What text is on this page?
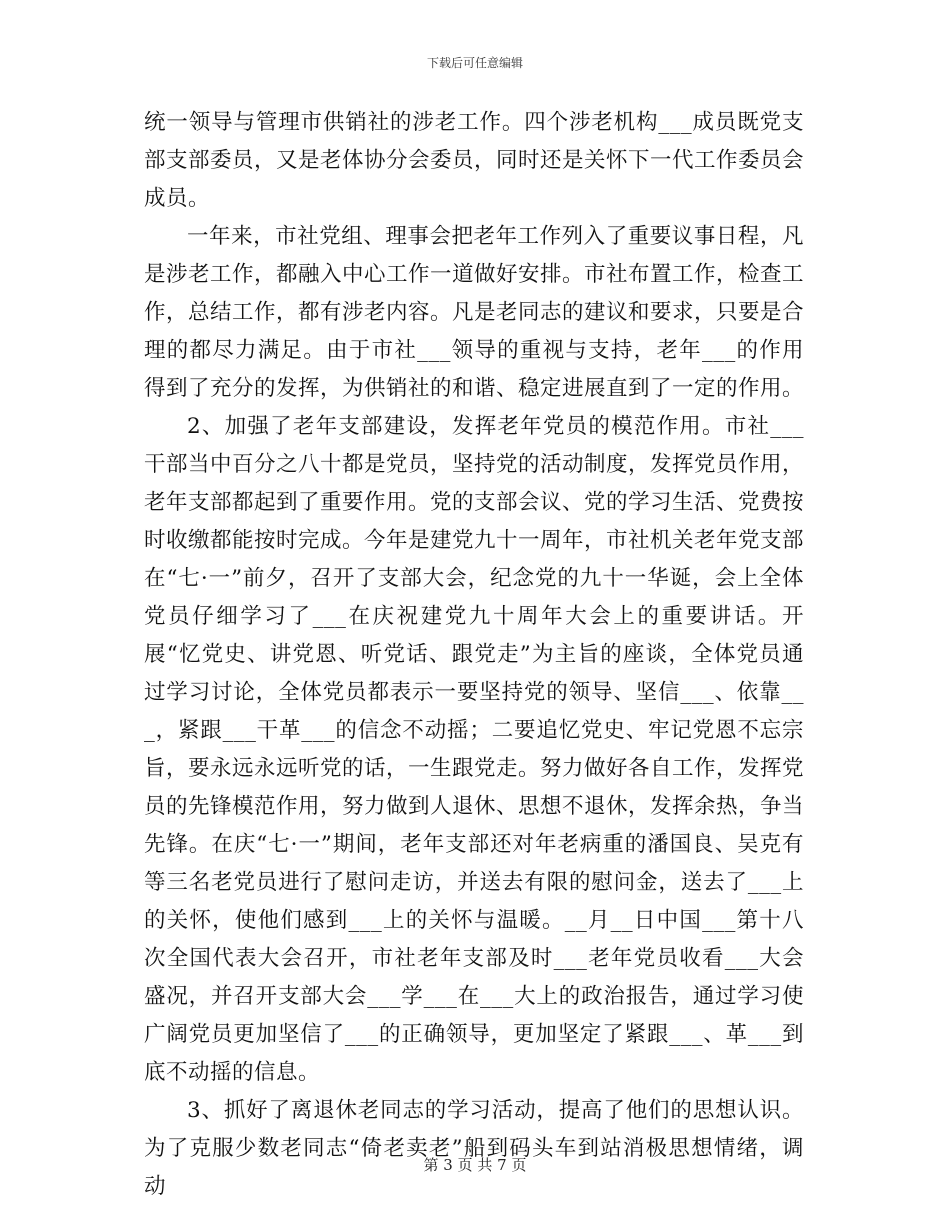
下载后可任意编辑

统一领导与管理市供销社的涉老工作。四个涉老机构___成员既党支部支部委员，又是老体协分会委员，同时还是关怀下一代工作委员会成员。

一年来，市社党组、理事会把老年工作列入了重要议事日程，凡是涉老工作，都融入中心工作一道做好安排。市社布置工作，检查工作，总结工作，都有涉老内容。凡是老同志的建议和要求，只要是合理的都尽力满足。由于市社___领导的重视与支持，老年___的作用得到了充分的发挥，为供销社的和谐、稳定进展直到了一定的作用。

2、加强了老年支部建设，发挥老年党员的模范作用。市社___干部当中百分之八十都是党员，坚持党的活动制度，发挥党员作用，老年支部都起到了重要作用。党的支部会议、党的学习生活、党费按时收缴都能按时完成。今年是建党九十一周年，市社机关老年党支部在“七·一”前夕，召开了支部大会，纪念党的九十一华诞，会上全体党员仔细学习了___在庆祝建党九十周年大会上的重要讲话。开展“忆党史、讲党恩、听党话、跟党走”为主旨的座谈，全体党员通过学习讨论，全体党员都表示一要坚持党的领导、坚信___、依靠___，紧跟___干革___的信念不动摇；二要追忆党史、牢记党恩不忘宗旨，要永远永远听党的话，一生跟党走。努力做好各自工作，发挥党员的先锋模范作用，努力做到人退休、思想不退休，发挥余热，争当先锋。在庆“七·一”期间，老年支部还对年老病重的潘国良、吴克有等三名老党员进行了慰问走访，并送去有限的慰问金，送去了___上的关怀，使他们感到___上的关怀与温暖。__月__日中国___第十八次全国代表大会召开，市社老年支部及时___老年党员收看___大会盛况，并召开支部大会___学___在___大上的政治报告，通过学习使广阔党员更加坚信了___的正确领导，更加坚定了紧跟___、革___到底不动摇的信息。

3、抓好了离退休老同志的学习活动，提高了他们的思想认识。为了克服少数老同志“倚老卖老”船到码头车到站消极思想情绪，调动

第 3 页 共 7 页
